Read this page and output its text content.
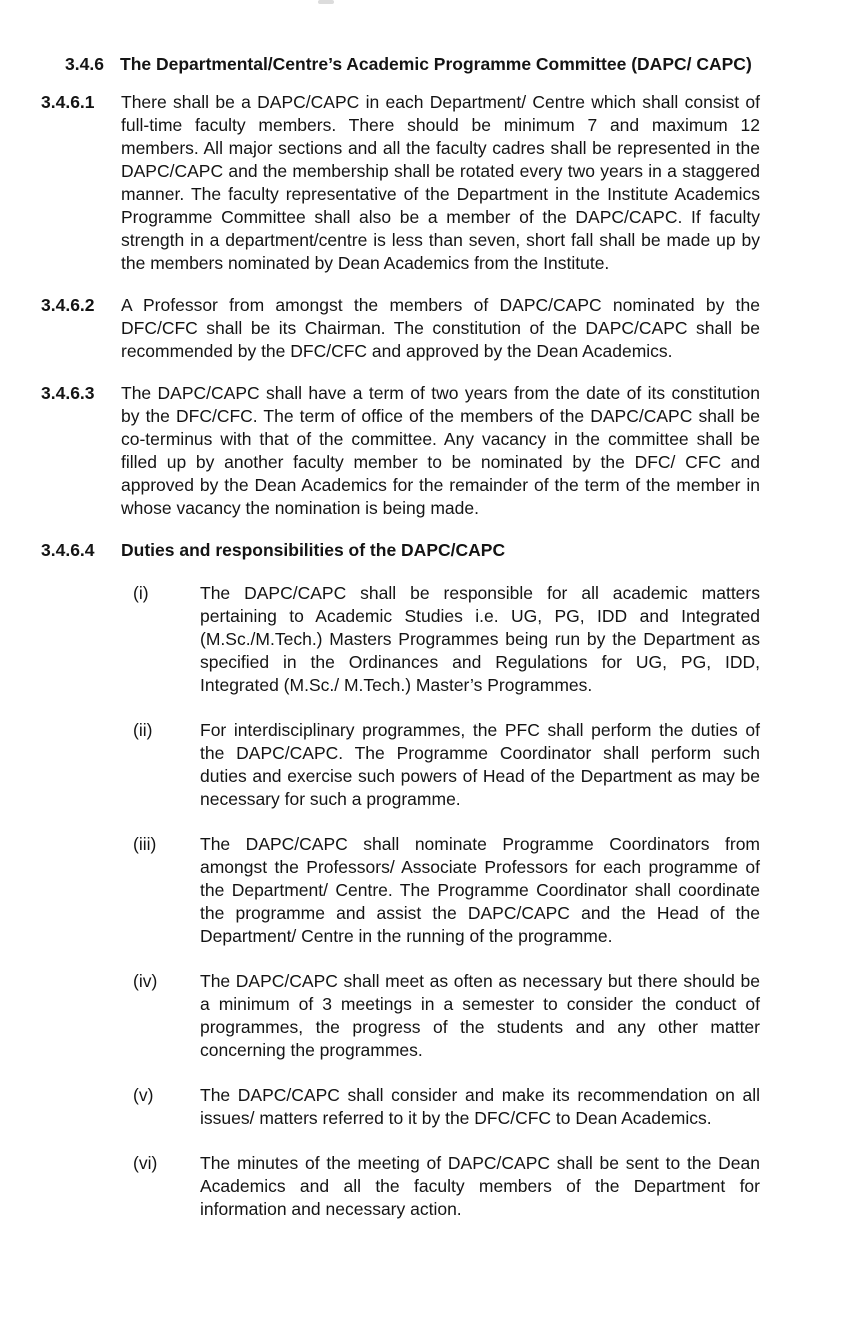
3.4.6 The Departmental/Centre’s Academic Programme Committee (DAPC/ CAPC)
3.4.6.1	There shall be a DAPC/CAPC in each Department/ Centre which shall consist of full-time faculty members. There should be minimum 7 and maximum 12 members. All major sections and all the faculty cadres shall be represented in the DAPC/CAPC and the membership shall be rotated every two years in a staggered manner. The faculty representative of the Department in the Institute Academics Programme Committee shall also be a member of the DAPC/CAPC. If faculty strength in a department/centre is less than seven, short fall shall be made up by the members nominated by Dean Academics from the Institute.
3.4.6.2	A Professor from amongst the members of DAPC/CAPC nominated by the DFC/CFC shall be its Chairman. The constitution of the DAPC/CAPC shall be recommended by the DFC/CFC and approved by the Dean Academics.
3.4.6.3	The DAPC/CAPC shall have a term of two years from the date of its constitution by the DFC/CFC. The term of office of the members of the DAPC/CAPC shall be co-terminus with that of the committee. Any vacancy in the committee shall be filled up by another faculty member to be nominated by the DFC/ CFC and approved by the Dean Academics for the remainder of the term of the member in whose vacancy the nomination is being made.
3.4.6.4	Duties and responsibilities of the DAPC/CAPC
(i)	The DAPC/CAPC shall be responsible for all academic matters pertaining to Academic Studies i.e. UG, PG, IDD and Integrated (M.Sc./M.Tech.) Masters Programmes being run by the Department as specified in the Ordinances and Regulations for UG, PG, IDD, Integrated (M.Sc./ M.Tech.) Master’s Programmes.
(ii)	For interdisciplinary programmes, the PFC shall perform the duties of the DAPC/CAPC. The Programme Coordinator shall perform such duties and exercise such powers of Head of the Department as may be necessary for such a programme.
(iii)	The DAPC/CAPC shall nominate Programme Coordinators from amongst the Professors/ Associate Professors for each programme of the Department/ Centre. The Programme Coordinator shall coordinate the programme and assist the DAPC/CAPC and the Head of the Department/ Centre in the running of the programme.
(iv)	The DAPC/CAPC shall meet as often as necessary but there should be a minimum of 3 meetings in a semester to consider the conduct of programmes, the progress of the students and any other matter concerning the programmes.
(v)	The DAPC/CAPC shall consider and make its recommendation on all issues/ matters referred to it by the DFC/CFC to Dean Academics.
(vi)	The minutes of the meeting of DAPC/CAPC shall be sent to the Dean Academics and all the faculty members of the Department for information and necessary action.
